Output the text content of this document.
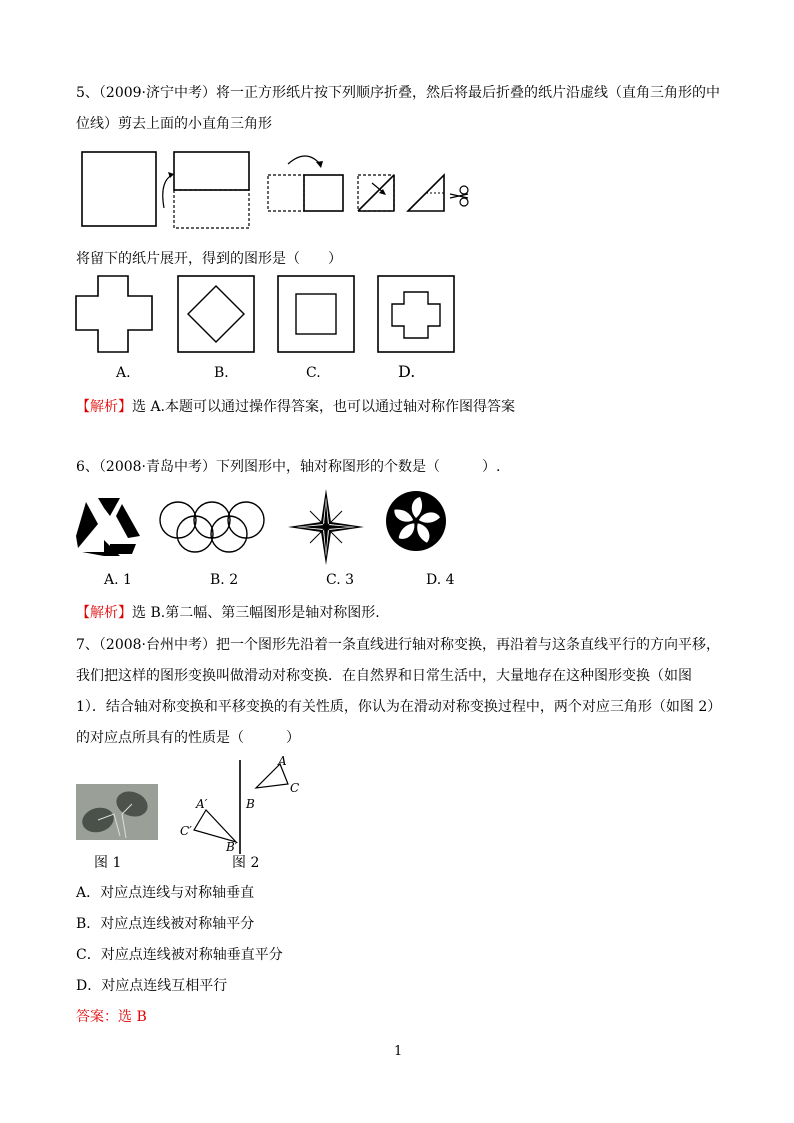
5、（2009·济宁中考）将一正方形纸片按下列顺序折叠，然后将最后折叠的纸片沿虚线（直角三角形的中
位线）剪去上面的小直角三角形
将留下的纸片展开，得到的图形是（　　）
A.	B.	C.	D.
【解析】选 A.本题可以通过操作得答案，也可以通过轴对称作图得答案
6、（2008·青岛中考）下列图形中，轴对称图形的个数是（　　　）.
A. 1	B. 2	C. 3	D. 4
【解析】选 B.第二幅、第三幅图形是轴对称图形.
7、（2008·台州中考）把一个图形先沿着一条直线进行轴对称变换，再沿着与这条直线平行的方向平移，
我们把这样的图形变换叫做滑动对称变换．在自然界和日常生活中，大量地存在这种图形变换（如图
1）．结合轴对称变换和平移变换的有关性质，你认为在滑动对称变换过程中，两个对应三角形（如图 2）
的对应点所具有的性质是（　　　）
A
B
C
A′
C′
B′
图 1	图 2
A．对应点连线与对称轴垂直
B．对应点连线被对称轴平分
C．对应点连线被对称轴垂直平分
D．对应点连线互相平行
答案：选 B
1
